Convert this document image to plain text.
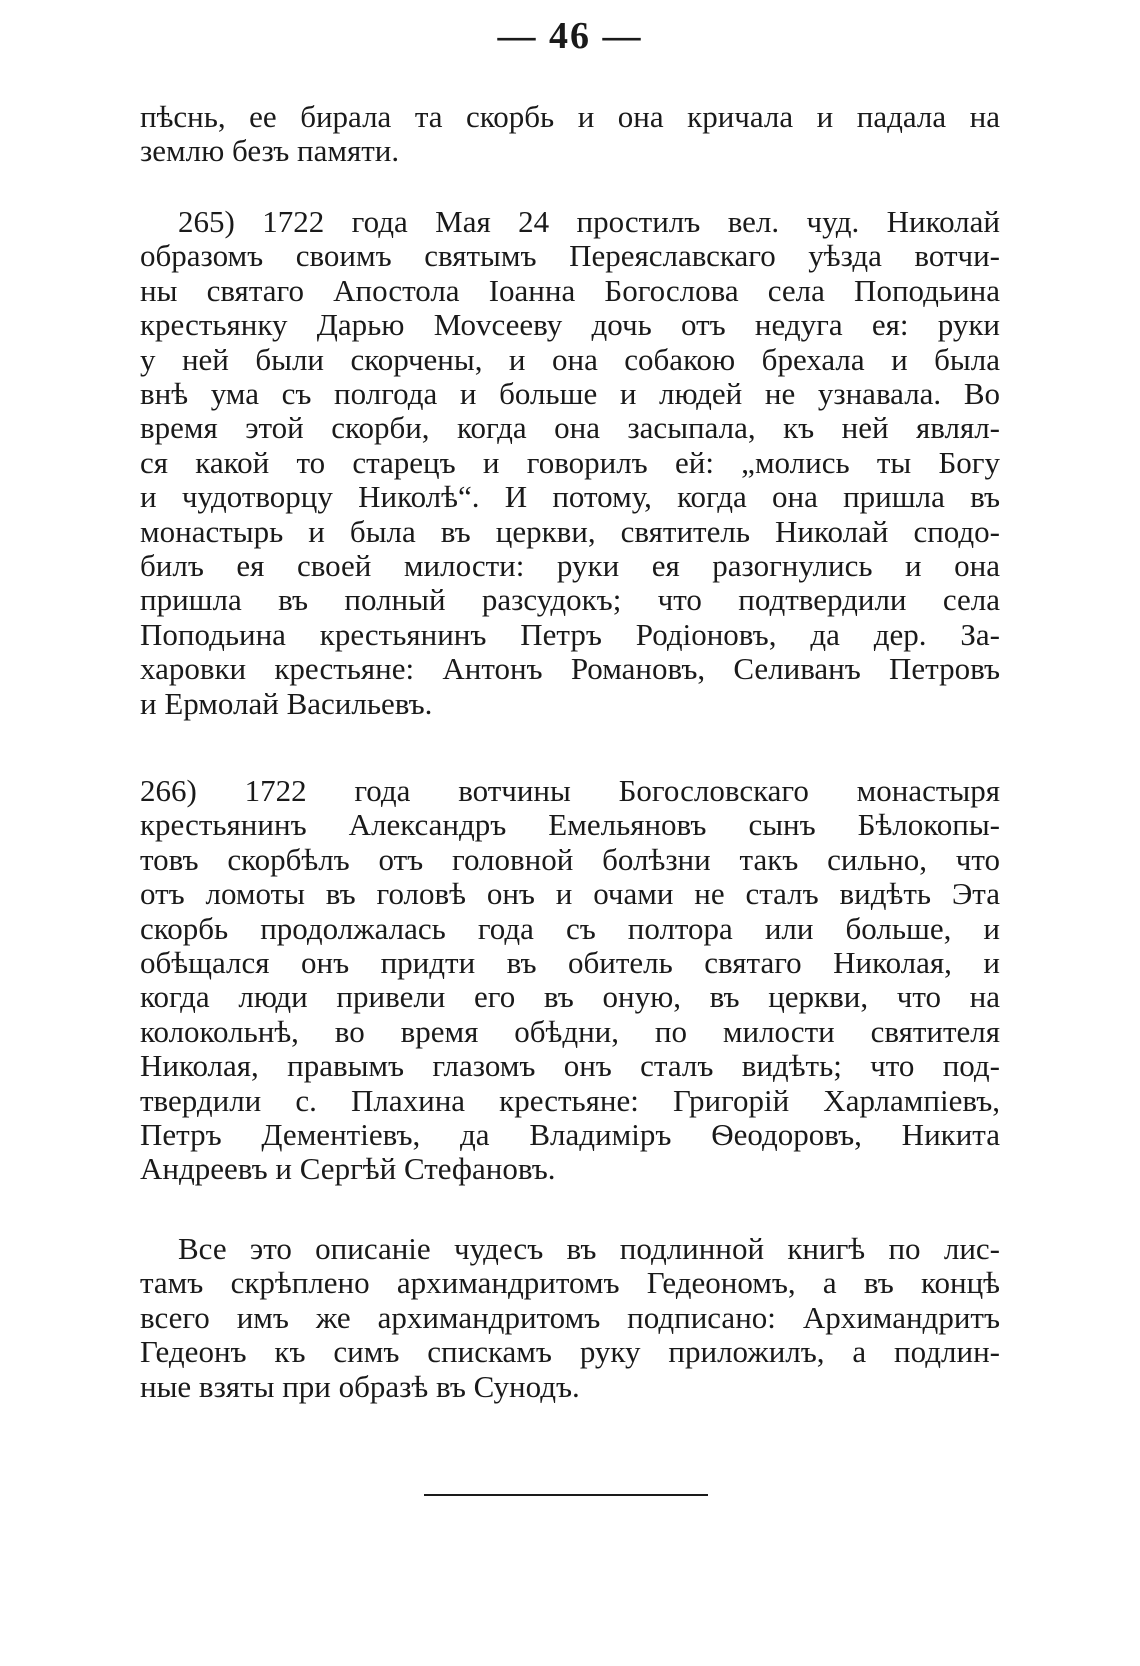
— 46 —
пѣснь, ее бирала та скорбь и она кричала и падала на
землю безъ памяти.
265) 1722 года Мая 24 простилъ вел. чуд. Николай
образомъ своимъ святымъ Переяславскаго уѣзда вотчи-
ны святаго Апостола Іоанна Богослова села Поподьина
крестьянку Дарью Моvсееву дочь отъ недуга ея: руки
у ней были скорчены, и она собакою брехала и была
внѣ ума съ полгода и больше и людей не узнавала. Во
время этой скорби, когда она засыпала, къ ней являл-
ся какой то старецъ и говорилъ ей: „молись ты Богу
и чудотворцу Николѣ“. И потому, когда она пришла въ
монастырь и была въ церкви, святитель Николай сподо-
билъ ея своей милости: руки ея разогнулись и она
пришла въ полный разсудокъ; что подтвердили села
Поподьина крестьянинъ Петръ Родіоновъ, да дер. За-
харовки крестьяне: Антонъ Романовъ, Селиванъ Петровъ
и Ермолай Васильевъ.
266) 1722 года вотчины Богословскаго монастыря
крестьянинъ Александръ Емельяновъ сынъ Бѣлокопы-
товъ скорбѣлъ отъ головной болѣзни такъ сильно, что
отъ ломоты въ головѣ онъ и очами не сталъ видѣть Эта
скорбь продолжалась года съ полтора или больше, и
обѣщался онъ придти въ обитель святаго Николая, и
когда люди привели его въ оную, въ церкви, что на
колокольнѣ, во время обѣдни, по милости святителя
Николая, правымъ глазомъ онъ сталъ видѣть; что под-
твердили с. Плахина крестьяне: Григорій Харлампіевъ,
Петръ Дементіевъ, да Владиміръ Ѳеодоровъ, Никита
Андреевъ и Сергѣй Стефановъ.
Все это описаніе чудесъ въ подлинной книгѣ по лис-
тамъ скрѣплено архимандритомъ Гедеономъ, а въ концѣ
всего имъ же архимандритомъ подписано: Архимандритъ
Гедеонъ къ симъ спискамъ руку приложилъ, а подлин-
ные взяты при образѣ въ Сунодъ.
